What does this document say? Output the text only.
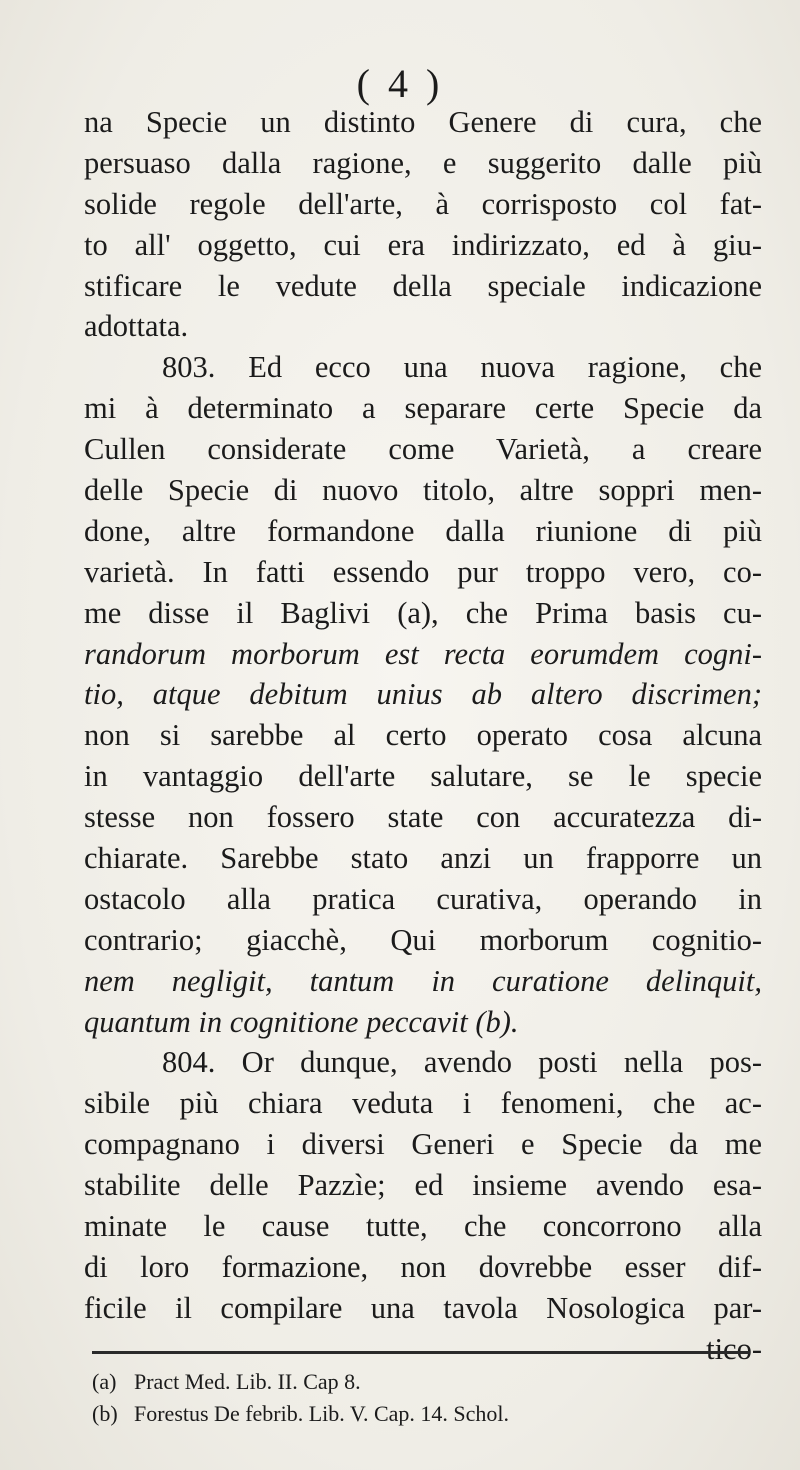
( 4 )
na Specie un distinto Genere di cura, che
persuaso dalla ragione, e suggerito dalle più
solide regole dell'arte, à corrisposto col fat-
to all' oggetto, cui era indirizzato, ed à giu-
stificare le vedute della speciale indicazione
adottata.
803. Ed ecco una nuova ragione, che
mi à determinato a separare certe Specie da
Cullen considerate come Varietà, a creare
delle Specie di nuovo titolo, altre soppri men-
done, altre formandone dalla riunione di più
varietà. In fatti essendo pur troppo vero, co-
me disse il Baglivi (a), che Prima basis cu-
randorum morborum est recta eorumdem cogni-
tio, atque debitum unius ab altero discrimen;
non si sarebbe al certo operato cosa alcuna
in vantaggio dell'arte salutare, se le specie
stesse non fossero state con accuratezza di-
chiarate. Sarebbe stato anzi un frapporre un
ostacolo alla pratica curativa, operando in
contrario; giacchè, Qui morborum cognitio-
nem negligit, tantum in curatione delinquit,
quantum in cognitione peccavit (b).
804. Or dunque, avendo posti nella pos-
sibile più chiara veduta i fenomeni, che ac-
compagnano i diversi Generi e Specie da me
stabilite delle Pazzìe; ed insieme avendo esa-
minate le cause tutte, che concorrono alla
di loro formazione, non dovrebbe esser dif-
ficile il compilare una tavola Nosologica par-
tico-
(a) Pract Med. Lib. II. Cap 8.
(b) Forestus De febrib. Lib. V. Cap. 14. Schol.
